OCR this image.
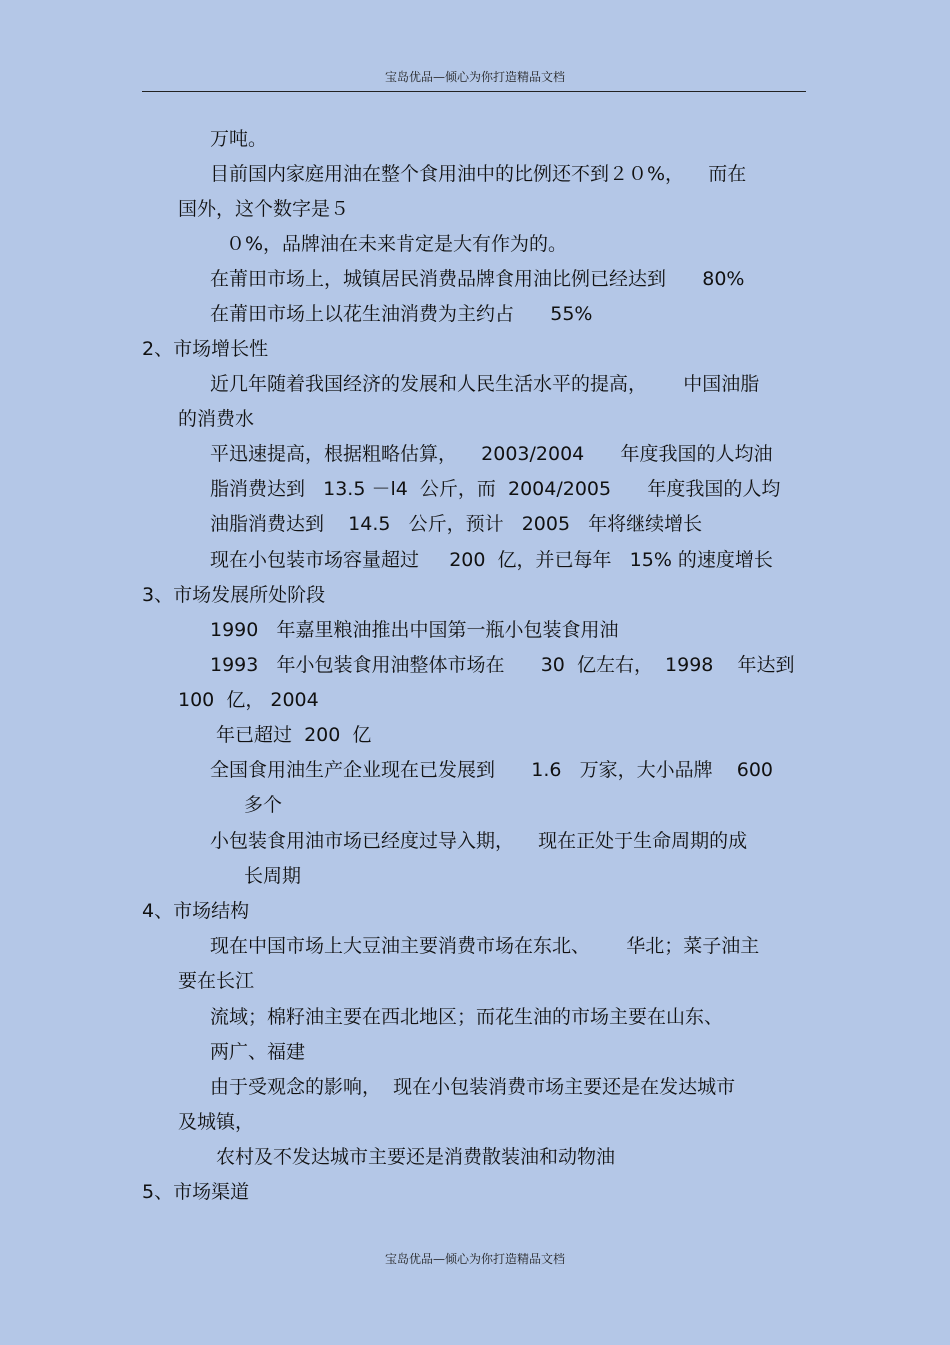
宝岛优品—倾心为你打造精品文档
万吨。
目前国内家庭用油在整个食用油中的比例还不到２０%，    而在
国外，这个数字是５
０%，品牌油在未来肯定是大有作为的。
在莆田市场上，城镇居民消费品牌食用油比例已经达到      80%
在莆田市场上以花生油消费为主约占      55%
2、市场增长性
近几年随着我国经济的发展和人民生活水平的提高，      中国油脂
的消费水
平迅速提高，根据粗略估算，    2003/2004      年度我国的人均油
脂消费达到   13.5 －l4  公斤，而  2004/2005      年度我国的人均
油脂消费达到    14.5   公斤，预计   2005   年将继续增长
现在小包装市场容量超过     200  亿，并已每年   15% 的速度增长
3、市场发展所处阶段
1990   年嘉里粮油推出中国第一瓶小包装食用油
1993   年小包装食用油整体市场在      30  亿左右，  1998    年达到
100  亿， 2004
年已超过  200  亿
全国食用油生产企业现在已发展到      1.6   万家，大小品牌    600
多个
小包装食用油市场已经度过导入期，    现在正处于生命周期的成
长周期
4、市场结构
现在中国市场上大豆油主要消费市场在东北、      华北；菜子油主
要在长江
流域；棉籽油主要在西北地区；而花生油的市场主要在山东、
两广、福建
由于受观念的影响，  现在小包装消费市场主要还是在发达城市
及城镇，
农村及不发达城市主要还是消费散装油和动物油
5、市场渠道
宝岛优品—倾心为你打造精品文档
